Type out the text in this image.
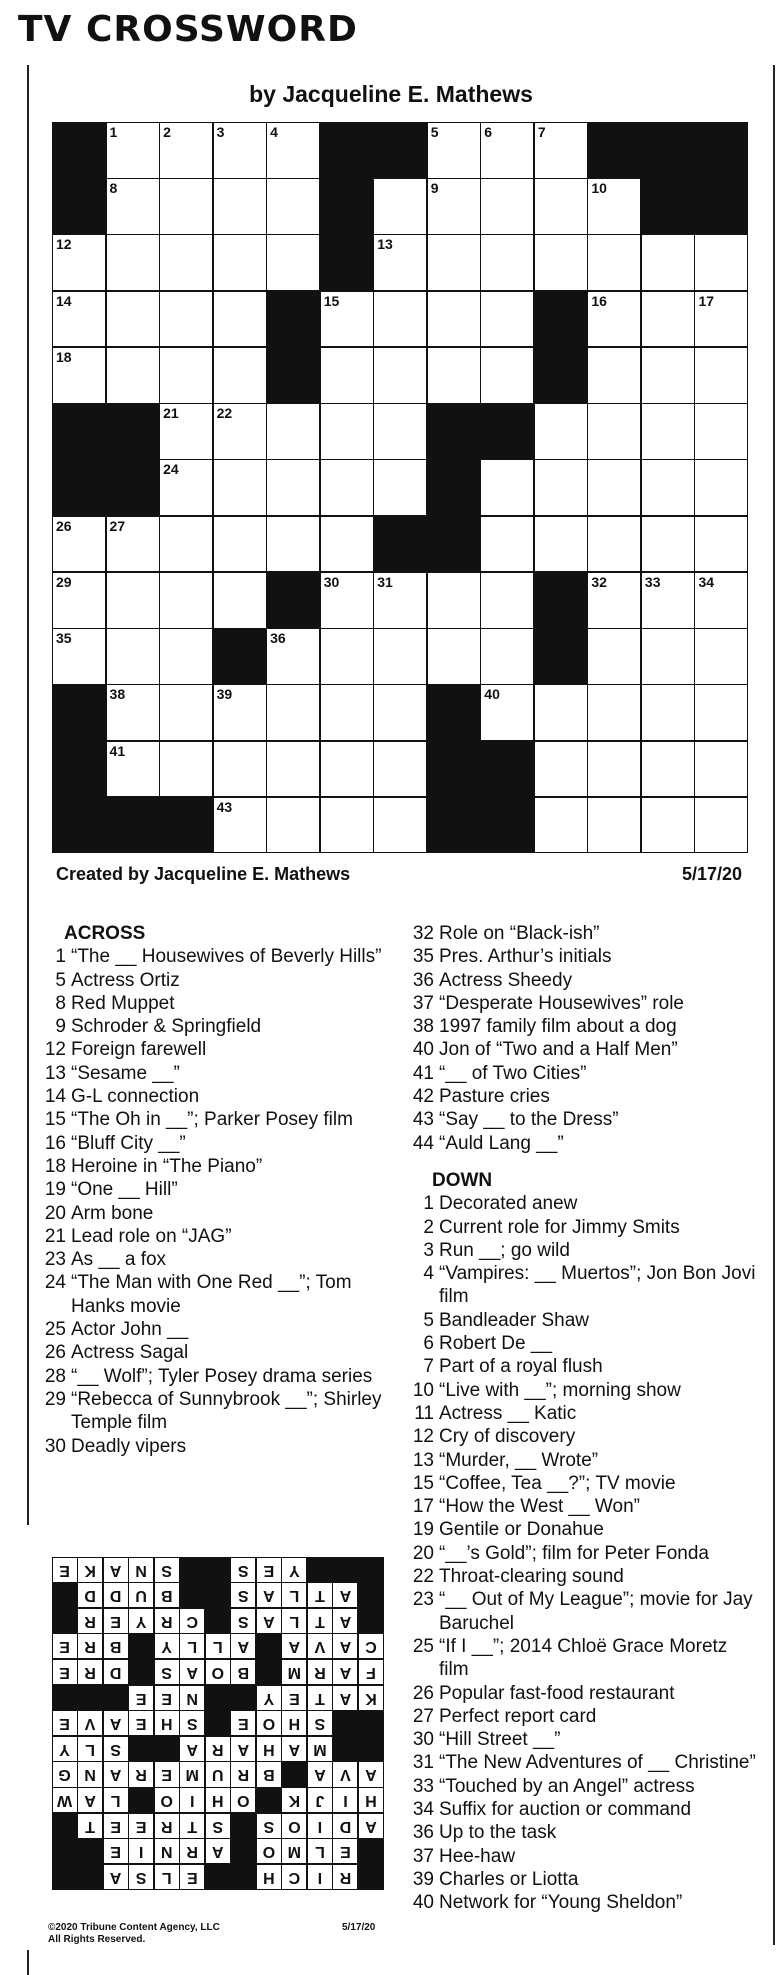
TV CROSSWORD
by Jacqueline E. Mathews
1	2	3	4	5	6	7
8	9	10
12	13
14	15	16	17
18
21	22
24
26	27
29	30	31	32	33	34
35	36
38	39	40
41
43
Created by Jacqueline E. Mathews	5/17/20
ACROSS
1 “The __ Housewives of Beverly Hills”
5 Actress Ortiz
8 Red Muppet
9 Schroder & Springfield
12 Foreign farewell
13 “Sesame __”
14 G-L connection
15 “The Oh in __”; Parker Posey film
16 “Bluff City __”
18 Heroine in “The Piano”
19 “One __ Hill”
20 Arm bone
21 Lead role on “JAG”
23 As __ a fox
24 “The Man with One Red __”; Tom Hanks movie
25 Actor John __
26 Actress Sagal
28 “__ Wolf”; Tyler Posey drama series
29 “Rebecca of Sunnybrook __”; Shirley Temple film
30 Deadly vipers
32 Role on “Black-ish”
35 Pres. Arthur’s initials
36 Actress Sheedy
37 “Desperate Housewives” role
38 1997 family film about a dog
40 Jon of “Two and a Half Men”
41 “__ of Two Cities”
42 Pasture cries
43 “Say __ to the Dress”
44 “Auld Lang __”
DOWN
1 Decorated anew
2 Current role for Jimmy Smits
3 Run __; go wild
4 “Vampires: __ Muertos”; Jon Bon Jovi film
5 Bandleader Shaw
6 Robert De __
7 Part of a royal flush
10 “Live with __”; morning show
11 Actress __ Katic
12 Cry of discovery
13 “Murder, __ Wrote”
15 “Coffee, Tea __?”; TV movie
17 “How the West __ Won”
19 Gentile or Donahue
20 “__’s Gold”; film for Peter Fonda
22 Throat-clearing sound
23 “__ Out of My League”; movie for Jay Baruchel
25 “If I __”; 2014 Chloë Grace Moretz film
26 Popular fast-food restaurant
27 Perfect report card
30 “Hill Street __”
31 “The New Adventures of __ Christine”
33 “Touched by an Angel” actress
34 Suffix for auction or command
36 Up to the task
37 Hee-haw
39 Charles or Liotta
40 Network for “Young Sheldon”
R
I
C
H
E
L
S
A
E
L
M
O
A
R
N
I
E
A
D
I
O
S
S
T
R
E
E
T
H
I
J
K
O
H
I
O
L
A
W
A
V
A
B
R
U
M
E
R
A
N
G
M
A
H
A
R
A
S
L
Y
S
H
O
E
S
H
E
A
V
E
K
A
T
E
Y
N
E
E
F
A
R
M
B
O
A
S
D
R
E
C
A
V
A
A
L
L
Y
B
R
E
A
T
L
A
S
C
R
Y
E
R
A
T
L
A
S
B
U
D
D
Y
E
S
S
N
A
K
E
©2020 Tribune Content Agency, LLC
All Rights Reserved.
5/17/20
